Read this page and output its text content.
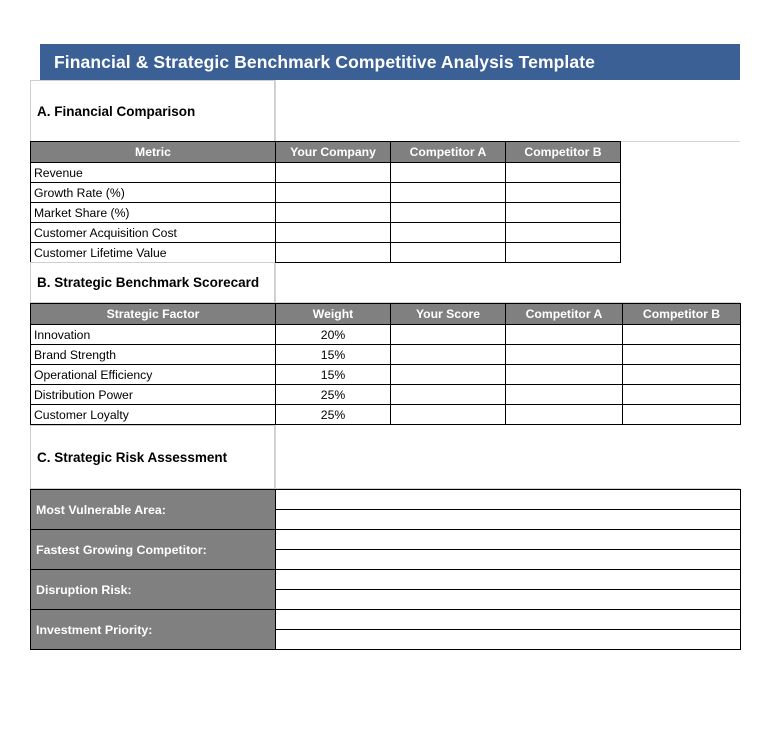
Financial & Strategic Benchmark Competitive Analysis Template
A. Financial Comparison
Metric	Your Company	Competitor A	Competitor B
Revenue			
Growth Rate (%)			
Market Share (%)			
Customer Acquisition Cost			
Customer Lifetime Value			
B. Strategic Benchmark Scorecard
Strategic Factor	Weight	Your Score	Competitor A	Competitor B
Innovation	20%			
Brand Strength	15%			
Operational Efficiency	15%			
Distribution Power	25%			
Customer Loyalty	25%			
C. Strategic Risk Assessment
Most Vulnerable Area:	

Fastest Growing Competitor:	

Disruption Risk:	

Investment Priority:	
